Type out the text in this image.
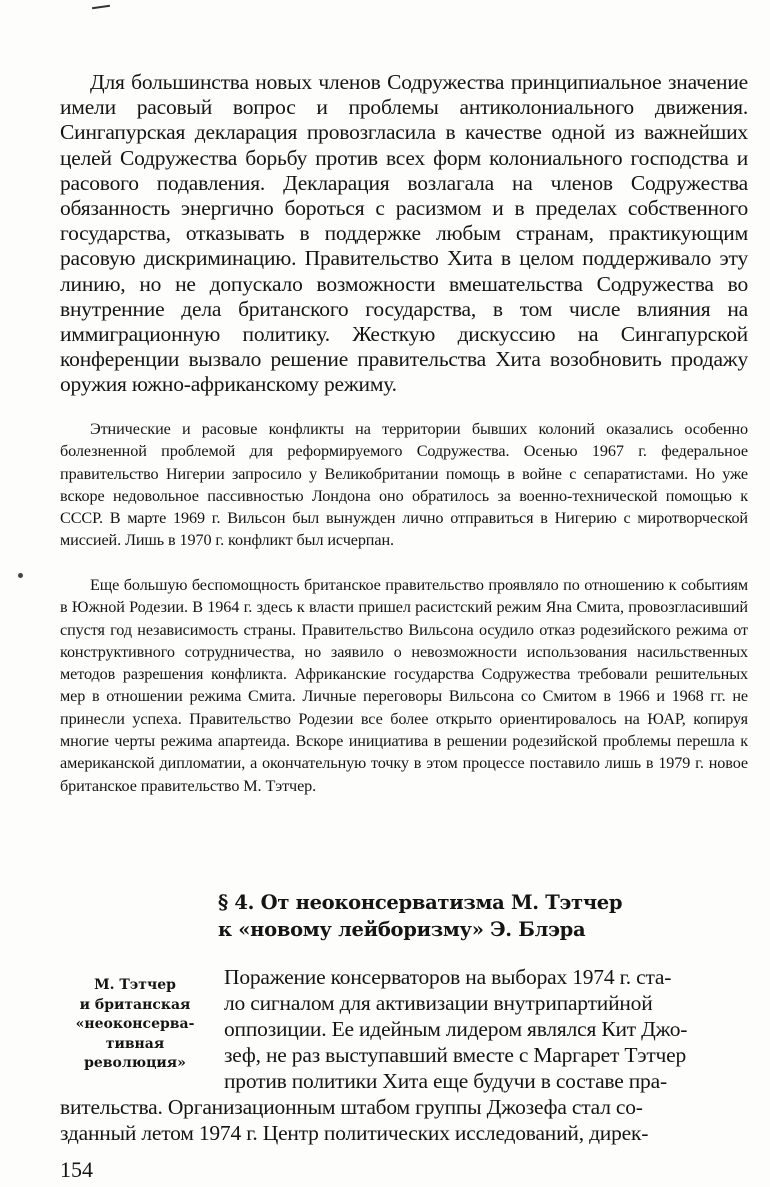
Для большинства новых членов Содружества принципиальное значение имели расовый вопрос и проблемы антиколониального движения. Сингапурская декларация провозгласила в качестве одной из важнейших целей Содружества борьбу против всех форм колониального господства и расового подавления. Декларация возлагала на членов Содружества обязанность энергично бороться с расизмом и в пределах собственного государства, отказывать в поддержке любым странам, практикующим расовую дискриминацию. Правительство Хита в целом поддерживало эту линию, но не допускало возможности вмешательства Содружества во внутренние дела британского государства, в том числе влияния на иммиграционную политику. Жесткую дискуссию на Сингапурской конференции вызвало решение правительства Хита возобновить продажу оружия южно-африканскому режиму.

Этнические и расовые конфликты на территории бывших колоний оказались особенно болезненной проблемой для реформируемого Содружества. Осенью 1967 г. федеральное правительство Нигерии запросило у Великобритании помощь в войне с сепаратистами. Но уже вскоре недовольное пассивностью Лондона оно обратилось за военно-технической помощью к СССР. В марте 1969 г. Вильсон был вынужден лично отправиться в Нигерию с миротворческой миссией. Лишь в 1970 г. конфликт был исчерпан.

Еще большую беспомощность британское правительство проявляло по отношению к событиям в Южной Родезии. В 1964 г. здесь к власти пришел расистский режим Яна Смита, провозгласивший спустя год независимость страны. Правительство Вильсона осудило отказ родезийского режима от конструктивного сотрудничества, но заявило о невозможности использования насильственных методов разрешения конфликта. Африканские государства Содружества требовали решительных мер в отношении режима Смита. Личные переговоры Вильсона со Смитом в 1966 и 1968 гг. не принесли успеха. Правительство Родезии все более открыто ориентировалось на ЮАР, копируя многие черты режима апартеида. Вскоре инициатива в решении родезийской проблемы перешла к американской дипломатии, а окончательную точку в этом процессе поставило лишь в 1979 г. новое британское правительство М. Тэтчер.

§ 4. От неоконсерватизма М. Тэтчер
к «новому лейборизму» Э. Блэра
М. Тэтчер
и британская
«неоконсерва-
тивная
революция»
Поражение консерваторов на выборах 1974 г. ста-
ло сигналом для активизации внутрипартийной
оппозиции. Ее идейным лидером являлся Кит Джо-
зеф, не раз выступавший вместе с Маргарет Тэтчер
против политики Хита еще будучи в составе пра-
вительства. Организационным штабом группы Джозефа стал со-
зданный летом 1974 г. Центр политических исследований, дирек-

154
